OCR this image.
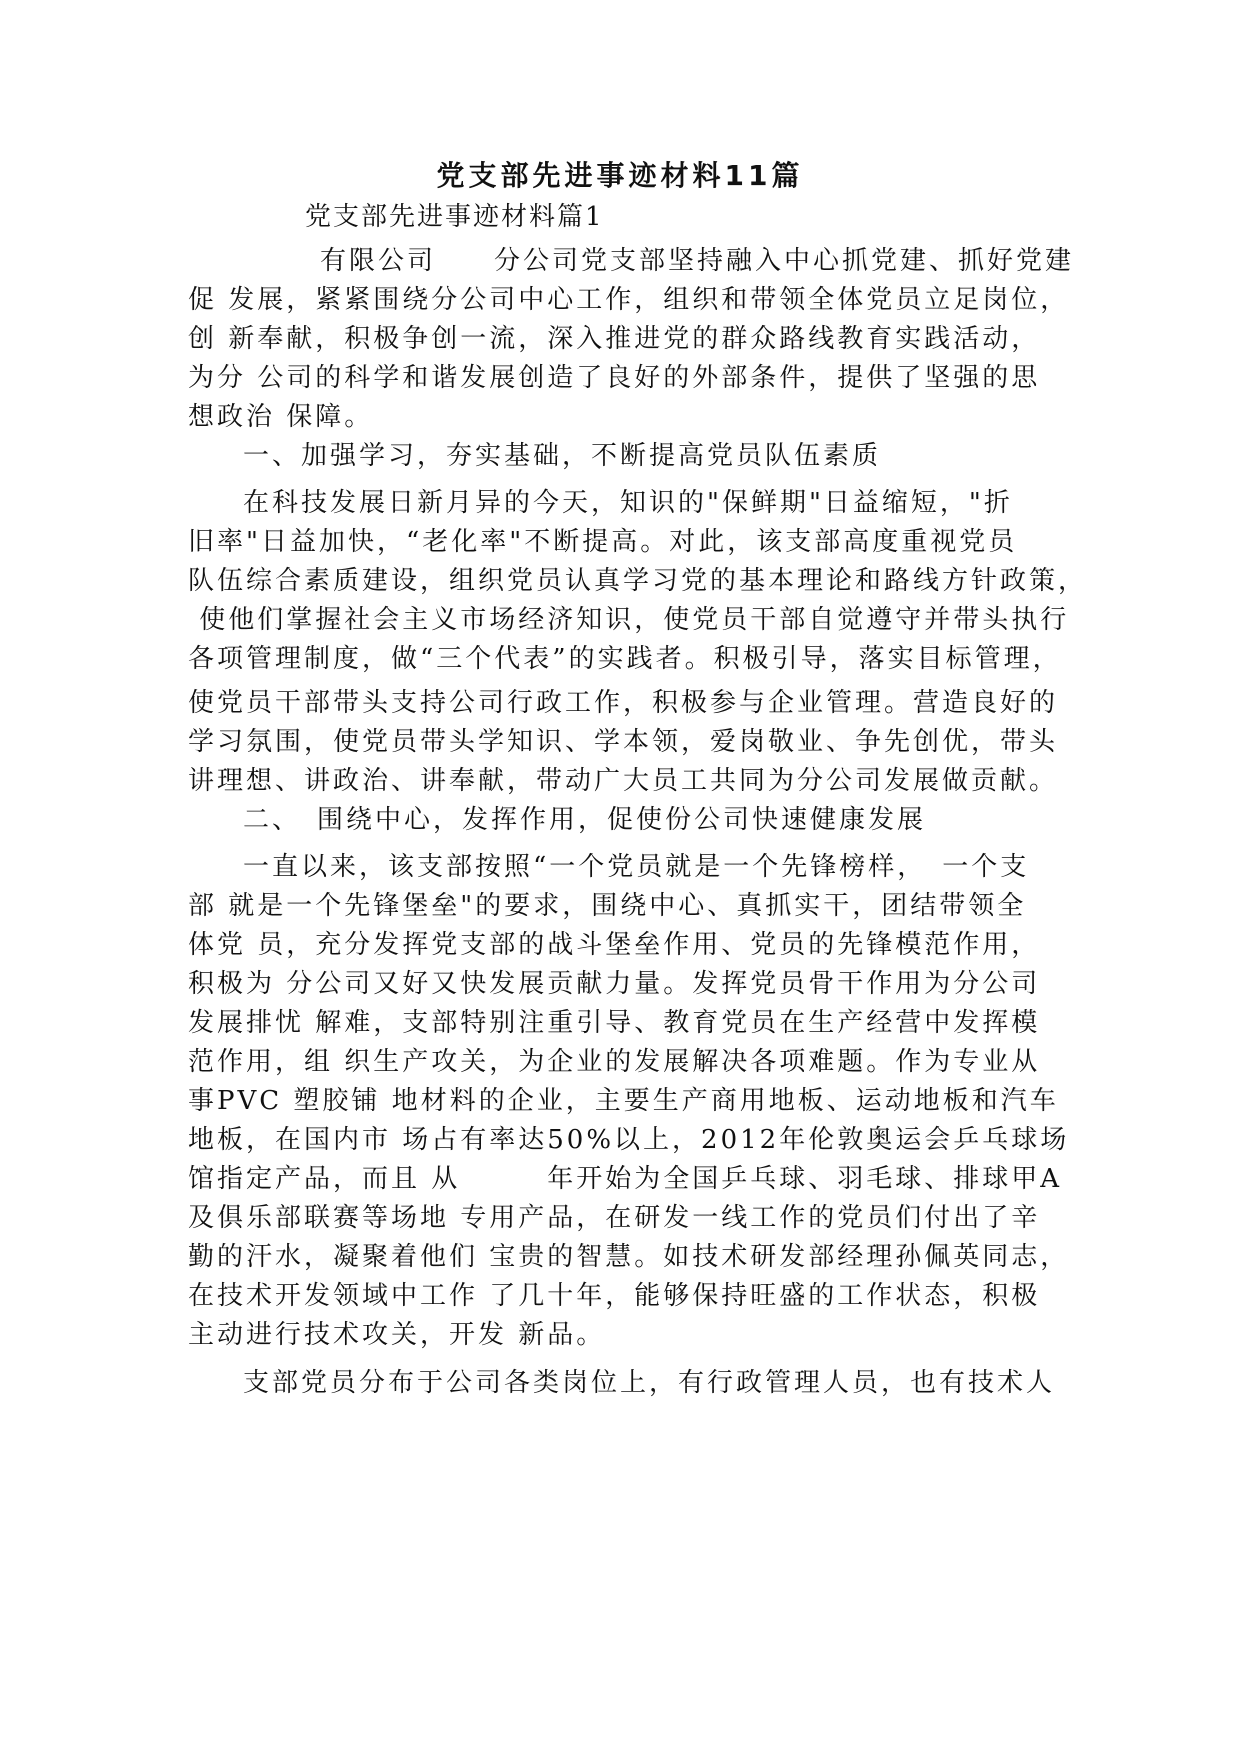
党支部先进事迹材料11篇

党支部先进事迹材料篇1

有限公司　　分公司党支部坚持融入中心抓党建、抓好党建

促 发展，紧紧围绕分公司中心工作，组织和带领全体党员立足岗位，

创 新奉献，积极争创一流，深入推进党的群众路线教育实践活动，

为分 公司的科学和谐发展创造了良好的外部条件，提供了坚强的思

想政治 保障。

一、加强学习，夯实基础，不断提高党员队伍素质

在科技发展日新月异的今天，知识的"保鲜期"日益缩短，"折

旧率"日益加快，“老化率"不断提高。对此，该支部高度重视党员

队伍综合素质建设，组织党员认真学习党的基本理论和路线方针政策，

使他们掌握社会主义市场经济知识，使党员干部自觉遵守并带头执行

各项管理制度，做“三个代表”的实践者。积极引导，落实目标管理，

使党员干部带头支持公司行政工作，积极参与企业管理。营造良好的

学习氛围，使党员带头学知识、学本领，爱岗敬业、争先创优，带头

讲理想、讲政治、讲奉献，带动广大员工共同为分公司发展做贡献。

二、　围绕中心，发挥作用，促使份公司快速健康发展

一直以来，该支部按照“一个党员就是一个先锋榜样，　一个支

部 就是一个先锋堡垒"的要求，围绕中心、真抓实干，团结带领全

体党 员，充分发挥党支部的战斗堡垒作用、党员的先锋模范作用，

积极为 分公司又好又快发展贡献力量。发挥党员骨干作用为分公司

发展排忧 解难，支部特别注重引导、教育党员在生产经营中发挥模

范作用，组 织生产攻关，为企业的发展解决各项难题。作为专业从

事PVC 塑胶铺 地材料的企业，主要生产商用地板、运动地板和汽车

地板，在国内市 场占有率达50%以上，2012年伦敦奥运会乒乓球场

馆指定产品，而且 从　　　年开始为全国乒乓球、羽毛球、排球甲A

及俱乐部联赛等场地 专用产品，在研发一线工作的党员们付出了辛

勤的汗水，凝聚着他们 宝贵的智慧。如技术研发部经理孙佩英同志，

在技术开发领域中工作 了几十年，能够保持旺盛的工作状态，积极

主动进行技术攻关，开发 新品。

支部党员分布于公司各类岗位上，有行政管理人员，也有技术人
